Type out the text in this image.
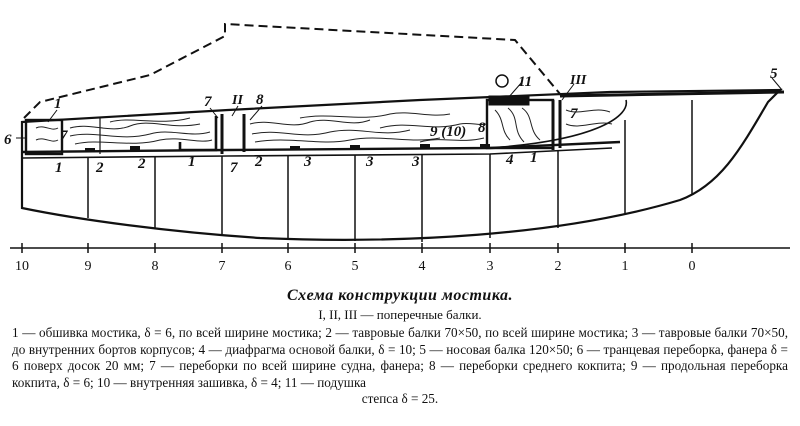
1
7
1
6
2 2	1
7
7
II 8
2	3	3	3
9 (10) 8
11
4 1
III
7
5
10	9	8	7	6	5	4	3	2	1	0
Схема конструкции мостика.
I, II, III — поперечные балки.

1 — обшивка мостика, δ = 6, по всей ширине мостика; 2 — тавровые балки 70×50, по всей ширине мостика; 3 — тавровые балки 70×50, до внутренних бортов корпусов; 4 — диафрагма основой балки, δ = 10; 5 — носовая балка 120×50; 6 — транцевая переборка, фанера δ = 6 поверх досок 20 мм; 7 — переборки по всей ширине судна, фанера; 8 — переборки среднего кокпита; 9 — продольная переборка кокпита, δ = 6; 10 — внутренняя зашивка, δ = 4; 11 — подушка

степса δ = 25.
